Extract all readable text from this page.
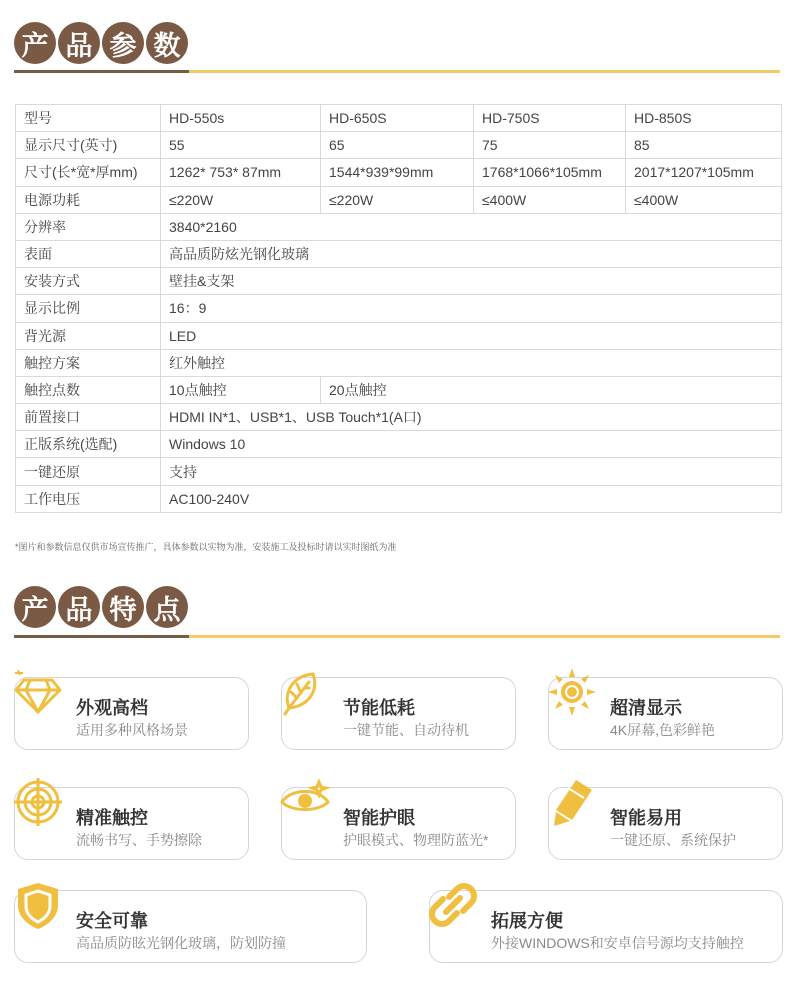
产 品 参 数
型号	HD-550s	HD-650S	HD-750S	HD-850S
显示尺寸(英寸)	55	65	75	85
尺寸(长*宽*厚mm)	1262* 753* 87mm	1544*939*99mm	1768*1066*105mm	2017*1207*105mm
电源功耗	≤220W	≤220W	≤400W	≤400W
分辨率	3840*2160			
表面	高品质防炫光钢化玻璃			
安装方式	壁挂&支架			
显示比例	16：9			
背光源	LED			
触控方案	红外触控			
触控点数	10点触控	20点触控		
前置接口	HDMI IN*1、USB*1、USB Touch*1(A口)			
正版系统(选配)	Windows 10			
一键还原	支持			
工作电压	AC100-240V			
*图片和参数信息仅供市场宣传推广，具体参数以实物为准，安装施工及投标时请以实时图纸为准
产 品 特 点
外观高档
适用多种风格场景
节能低耗
一键节能、自动待机
超清显示
4K屏幕,色彩鲜艳
精准触控
流畅书写、手势擦除
智能护眼
护眼模式、物理防蓝光*
智能易用
一键还原、系统保护
安全可靠
高品质防眩光钢化玻璃，防划防撞
拓展方便
外接WINDOWS和安卓信号源均支持触控
